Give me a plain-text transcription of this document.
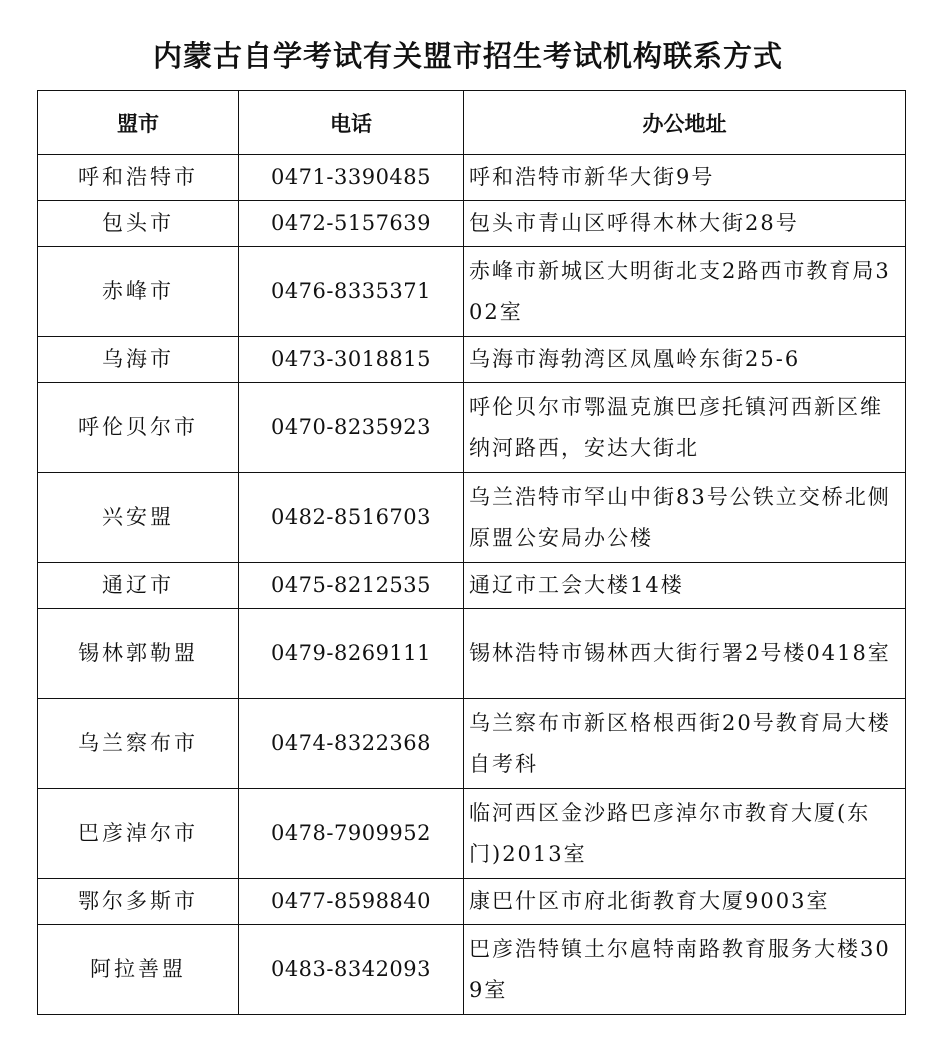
内蒙古自学考试有关盟市招生考试机构联系方式
盟市	电话	办公地址
呼和浩特市	0471-3390485	呼和浩特市新华大街9号
包头市	0472-5157639	包头市青山区呼得木林大街28号
赤峰市	0476-8335371	赤峰市新城区大明街北支2路西市教育局302室
乌海市	0473-3018815	乌海市海勃湾区凤凰岭东街25-6
呼伦贝尔市	0470-8235923	呼伦贝尔市鄂温克旗巴彦托镇河西新区维纳河路西，安达大街北
兴安盟	0482-8516703	乌兰浩特市罕山中街83号公铁立交桥北侧原盟公安局办公楼
通辽市	0475-8212535	通辽市工会大楼14楼
锡林郭勒盟	0479-8269111	锡林浩特市锡林西大街行署2号楼0418室
乌兰察布市	0474-8322368	乌兰察布市新区格根西街20号教育局大楼自考科
巴彦淖尔市	0478-7909952	临河西区金沙路巴彦淖尔市教育大厦(东门)2013室
鄂尔多斯市	0477-8598840	康巴什区市府北街教育大厦9003室
阿拉善盟	0483-8342093	巴彦浩特镇土尔扈特南路教育服务大楼309室
